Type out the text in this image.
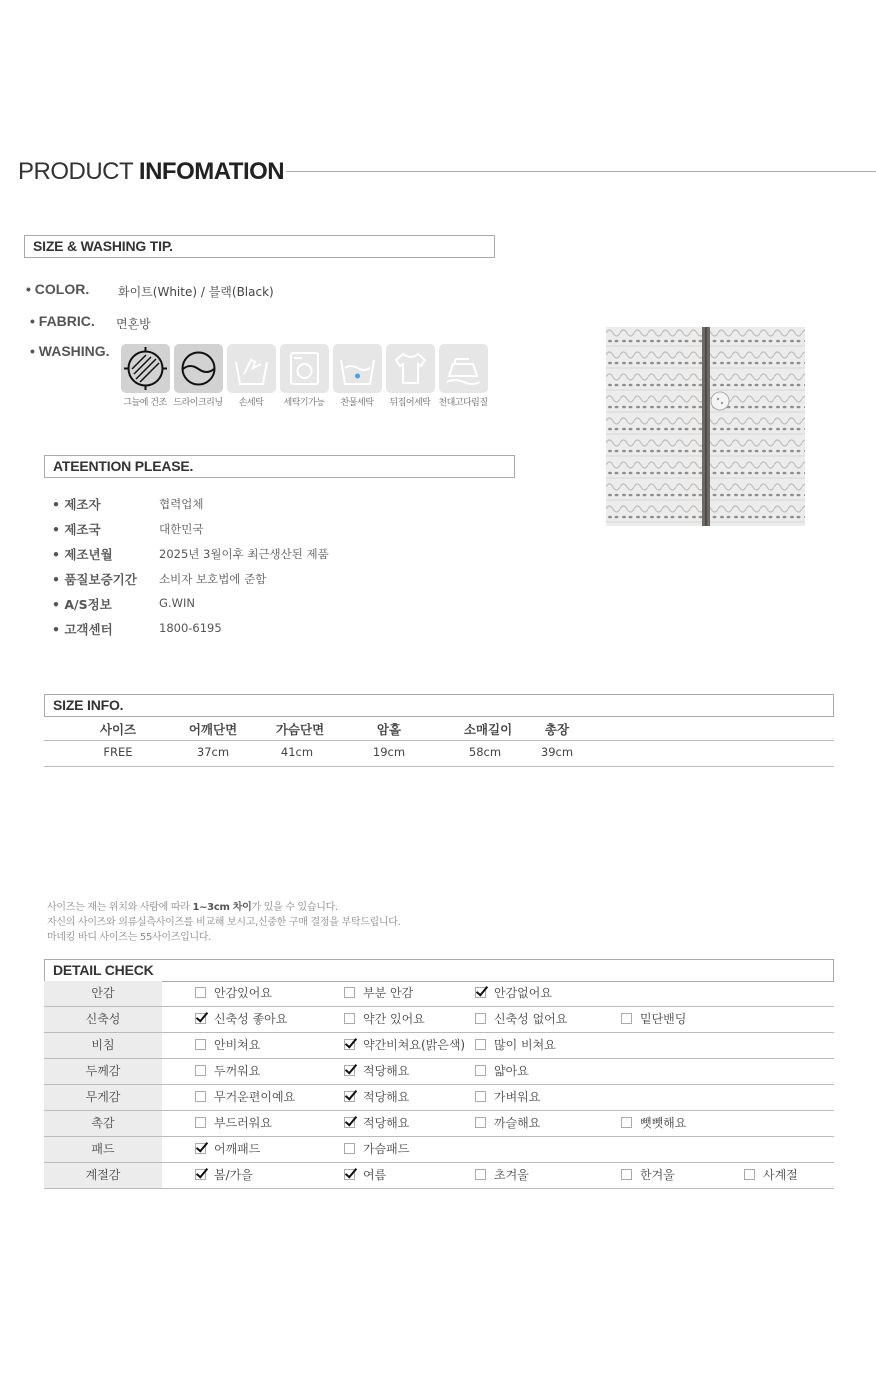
PRODUCT INFOMATION
SIZE & WASHING TIP.
• COLOR. 화이트(White) / 블랙(Black)
• FABRIC. 면혼방
• WASHING.
그늘에 건조 드라이크리닝	손세탁	세탁기가능	찬물세탁	뒤집어세탁 천대고다림질
ATEENTION PLEASE.
• 제조자	협력업체
• 제조국	대한민국
• 제조년월	2025년 3월이후 최근생산된 제품
• 품질보증기간 소비자 보호법에 준함
• A/S정보	G.WIN
• 고객센터	1800-6195
SIZE INFO.
사이즈	어깨단면	가슴단면	암홀	소매길이	총장
FREE	37cm	41cm	19cm	58cm	39cm
사이즈는 재는 위치와 사람에 따라 1~3cm 차이가 있을 수 있습니다.
자신의 사이즈와 의류실측사이즈를 비교해 보시고,신중한 구매 결정을 부탁드립니다.
마네킹 바디 사이즈는 55사이즈입니다.
DETAIL CHECK
안감	안감있어요	부분 안감	안감없어요
신축성	신축성 좋아요	약간 있어요	신축성 없어요	밑단밴딩
비침	안비쳐요	약간비쳐요(밝은색)	많이 비쳐요
두께감	두꺼워요	적당해요	얇아요
무게감	무거운편이예요	적당해요	가벼워요
촉감	부드러워요	적당해요	까슬해요	뺏뺏해요
패드	어깨패드	가슴패드
계절감	봄/가을	여름	초겨울	한겨울	사계절
